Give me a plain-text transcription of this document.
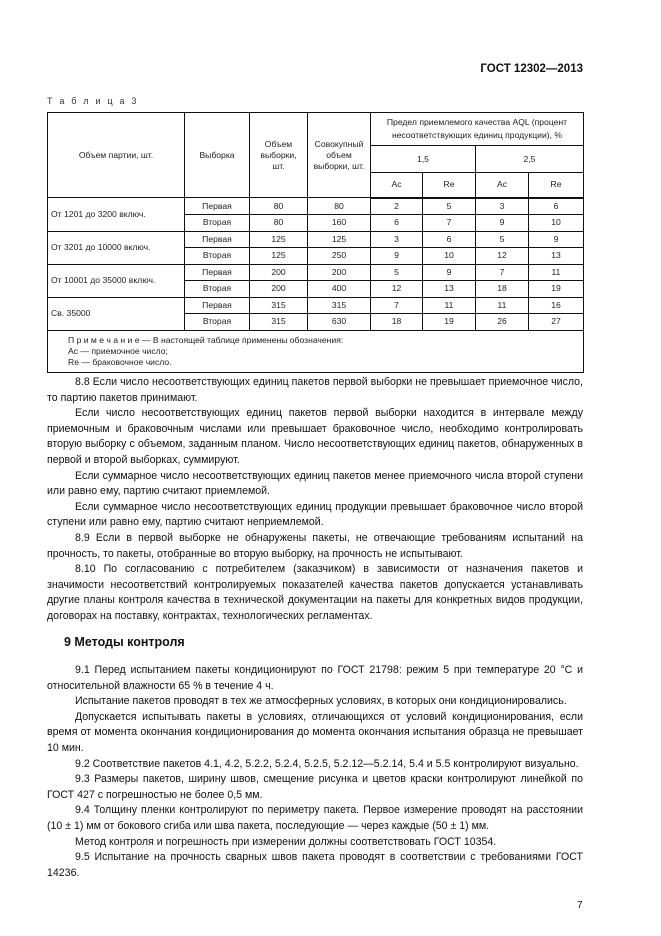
ГОСТ 12302—2013
Т а б л и ц а 3
Объем партии, шт.	Выборка	Объем выборки, шт.	Совокупный объем выборки, шт.	Предел приемлемого качества AQL (процент несоответствующих единиц продукции), %			
				1,5		2,5	
				Ac	Re	Ac	Re
От 1201 до 3200 включ.	Первая	80	80	2	5	3	6
	Вторая	80	160	6	7	9	10
От 3201 до 10000 включ.	Первая	125	125	3	6	5	9
	Вторая	125	250	9	10	12	13
От 10001 до 35000 включ.	Первая	200	200	5	9	7	11
	Вторая	200	400	12	13	18	19
Св. 35000	Первая	315	315	7	11	11	16
	Вторая	315	630	18	19	26	27

П р и м е ч а н и е — В настоящей таблице применены обозначения:
Ac — приемочное число;
Re — браковочное число.							

8.8 Если число несоответствующих единиц пакетов первой выборки не превышает приемочное число, то партию пакетов принимают.

Если число несоответствующих единиц пакетов первой выборки находится в интервале между приемочным и браковочным числами или превышает браковочное число, необходимо контролировать вторую выборку с объемом, заданным планом. Число несоответствующих единиц пакетов, обнаруженных в первой и второй выборках, суммируют.

Если суммарное число несоответствующих единиц пакетов менее приемочного числа второй ступени или равно ему, партию считают приемлемой.

Если суммарное число несоответствующих единиц продукции превышает браковочное число второй ступени или равно ему, партию считают неприемлемой.

8.9 Если в первой выборке не обнаружены пакеты, не отвечающие требованиям испытаний на прочность, то пакеты, отобранные во вторую выборку, на прочность не испытывают.

8.10 По согласованию с потребителем (заказчиком) в зависимости от назначения пакетов и значимости несоответствий контролируемых показателей качества пакетов допускается устанавливать другие планы контроля качества в технической документации на пакеты для конкретных видов продукции, договорах на поставку, контрактах, технологических регламентах.

9 Методы контроля

9.1 Перед испытанием пакеты кондиционируют по ГОСТ 21798: режим 5 при температуре 20 °C и относительной влажности 65 % в течение 4 ч.

Испытание пакетов проводят в тех же атмосферных условиях, в которых они кондиционировались.

Допускается испытывать пакеты в условиях, отличающихся от условий кондиционирования, если время от момента окончания кондиционирования до момента окончания испытания образца не превышает 10 мин.

9.2 Соответствие пакетов 4.1, 4.2, 5.2.2, 5.2.4, 5.2.5, 5.2.12—5.2.14, 5.4 и 5.5 контролируют визуально.

9.3 Размеры пакетов, ширину швов, смещение рисунка и цветов краски контролируют линейкой по ГОСТ 427 с погрешностью не более 0,5 мм.

9.4 Толщину пленки контролируют по периметру пакета. Первое измерение проводят на расстоянии (10 ± 1) мм от бокового сгиба или шва пакета, последующие — через каждые (50 ± 1) мм.

Метод контроля и погрешность при измерении должны соответствовать ГОСТ 10354.

9.5 Испытание на прочность сварных швов пакета проводят в соответствии с требованиями ГОСТ 14236.

7
